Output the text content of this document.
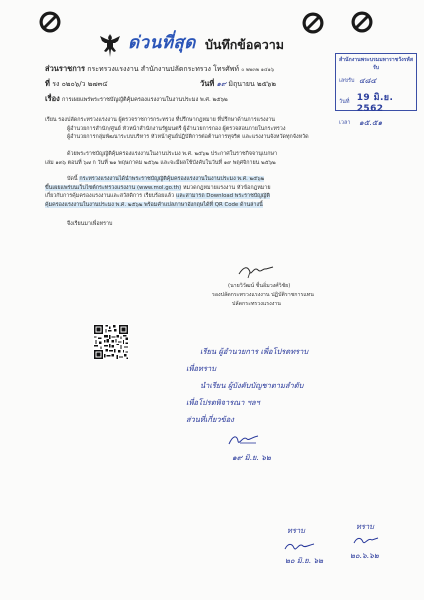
ด่วนที่สุด บันทึกข้อความ
สำนักงานพระบรมมหาราชวังรหัสรับ
เลขรับ ๔๘๔
วันที่ 19 มิ.ย. 2562
เวลา	๑๕.๕๑
ส่วนราชการ กระทรวงแรงงาน สำนักงานปลัดกระทรวง โทรศัพท์ ๐ ๒๒๓๒ ๑๔๑๖
ที่ รง ๐๒๐๖/ว ๒๗๓๔	วันที่ ๑๙ มิถุนายน ๒๕๖๒
เรื่อง การเผยแพร่พระราชบัญญัติคุ้มครองแรงงานในงานประมง พ.ศ. ๒๕๖๒
เรียน รองปลัดกระทรวงแรงงาน ผู้ตรวจราชการกระทรวง ที่ปรึกษากฎหมาย ที่ปรึกษาด้านการแรงงาน
ผู้อำนวยการสำนัก/ศูนย์ หัวหน้าสำนักงานรัฐมนตรี ผู้อำนวยการกอง ผู้ตรวจสอบภายในกระทรวง
ผู้อำนวยการกลุ่มพัฒนาระบบบริหาร หัวหน้าศูนย์ปฏิบัติการต่อต้านการทุจริต และแรงงานจังหวัดทุกจังหวัด
ด้วยพระราชบัญญัติคุ้มครองแรงงานในงานประมง พ.ศ. ๒๕๖๒ ประกาศในราชกิจจานุเบกษา
เล่ม ๑๓๖ ตอนที่ ๖๗ ก วันที่ ๒๑ พฤษภาคม ๒๕๖๒ และจะมีผลใช้บังคับในวันที่ ๑๙ พฤศจิกายน ๒๕๖๒
บัดนี้ กระทรวงแรงงานได้นำพระราชบัญญัติคุ้มครองแรงงานในงานประมง พ.ศ. ๒๕๖๒
ขึ้นเผยแพร่บนเว็บไซต์กระทรวงแรงงาน (www.mol.go.th) หมวดกฎหมายแรงงาน หัวข้อกฎหมาย
เกี่ยวกับการคุ้มครองแรงงานและสวัสดิการ เรียบร้อยแล้ว และสามารถ Download พระราชบัญญัติ
คุ้มครองแรงงานในงานประมง พ.ศ. ๒๕๖๒ พร้อมคำแปลภาษาอังกฤษได้ที่ QR Code ด้านล่างนี้
จึงเรียนมาเพื่อทราบ
(นายวิวัฒน์ ชื่นอิ่มวงศ์วิชัย)
รองปลัดกระทรวงแรงงาน ปฏิบัติราชการแทน
ปลัดกระทรวงแรงงาน
เรียน ผู้อำนวยการ เพื่อโปรดทราบ
เพื่อทราบ
นำเรียน ผู้บังคับบัญชาตามลำดับ
เพื่อโปรดพิจารณา ฯลฯ
ส่วนที่เกี่ยวข้อง
๑๙ มิ.ย. ๖๒
ทราบ
๒๐ มิ.ย. ๖๒
ทราบ
๒๐.๖.๖๒
